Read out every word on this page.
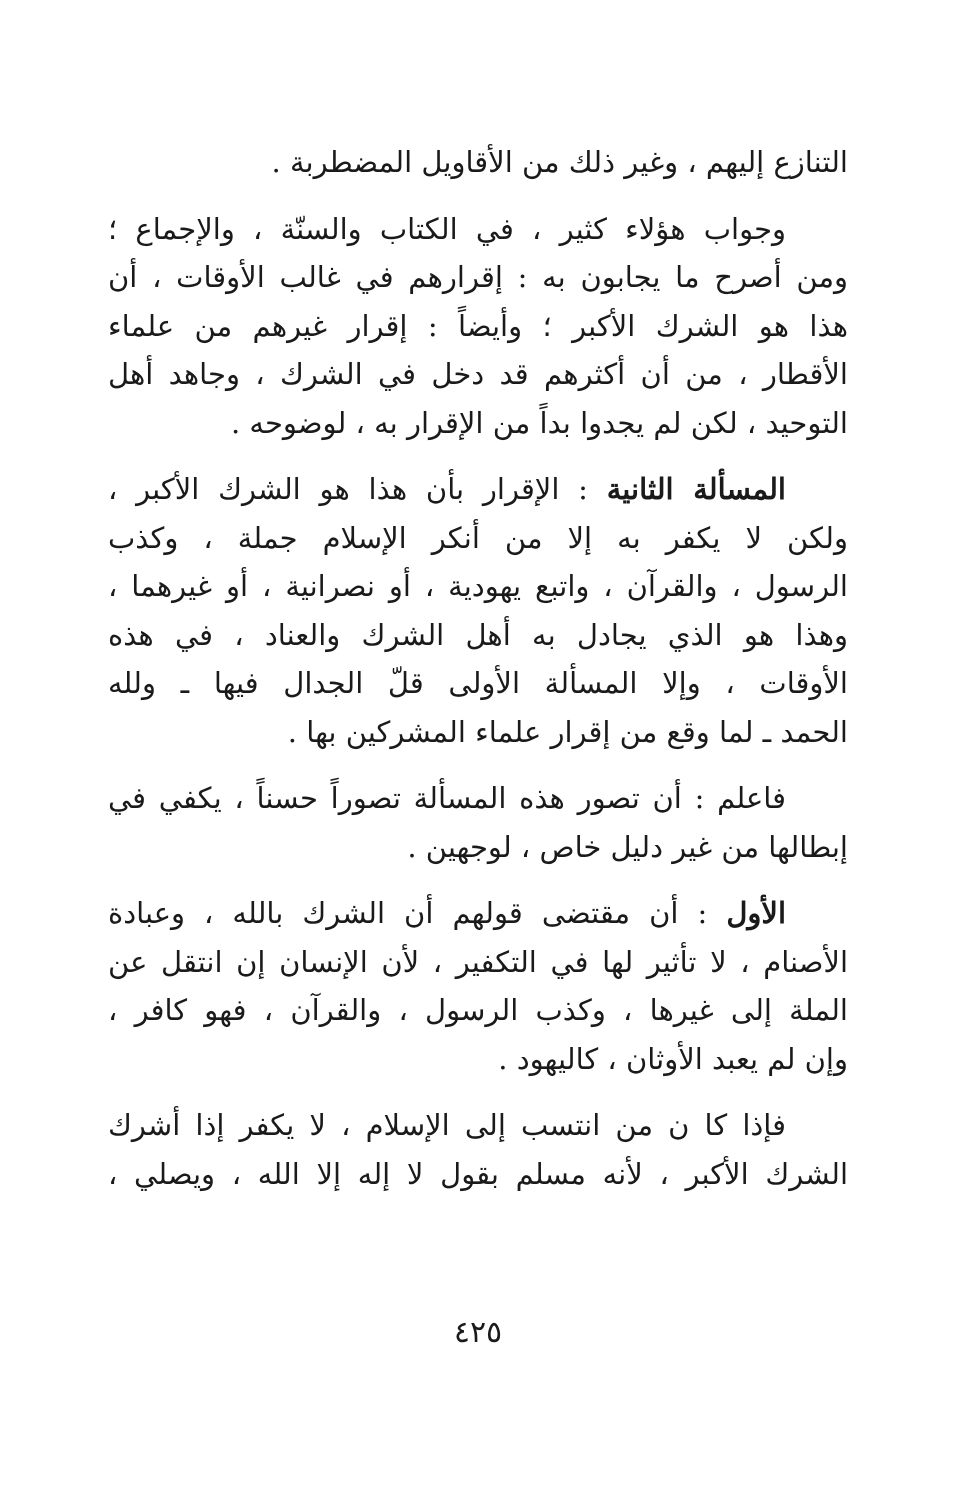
التنازع إليهم ، وغير ذلك من الأقاويل المضطربة .
وجواب هؤلاء كثير ، في الكتاب والسنّة ، والإجماع ؛
ومن أصرح ما يجابون به : إقرارهم في غالب الأوقات ، أن
هذا هو الشرك الأكبر ؛ وأيضاً : إقرار غيرهم من علماء
الأقطار ، من أن أكثرهم قد دخل في الشرك ، وجاهد أهل
التوحيد ، لكن لم يجدوا بداً من الإقرار به ، لوضوحه .
المسألة الثانية : الإقرار بأن هذا هو الشرك الأكبر ،
ولكن لا يكفر به إلا من أنكر الإسلام جملة ، وكذب
الرسول ، والقرآن ، واتبع يهودية ، أو نصرانية ، أو غيرهما ،
وهذا هو الذي يجادل به أهل الشرك والعناد ، في هذه
الأوقات ، وإلا المسألة الأولى قلّ الجدال فيها ـ ولله
الحمد ـ لما وقع من إقرار علماء المشركين بها .
فاعلم : أن تصور هذه المسألة تصوراً حسناً ، يكفي في
إبطالها من غير دليل خاص ، لوجهين .
الأول : أن مقتضى قولهم أن الشرك بالله ، وعبادة
الأصنام ، لا تأثير لها في التكفير ، لأن الإنسان إن انتقل عن
الملة إلى غيرها ، وكذب الرسول ، والقرآن ، فهو كافر ،
وإن لم يعبد الأوثان ، كاليهود .
فإذا كا ن من انتسب إلى الإسلام ، لا يكفر إذا أشرك
الشرك الأكبر ، لأنه مسلم بقول لا إله إلا الله ، ويصلي ،
٤٢٥
